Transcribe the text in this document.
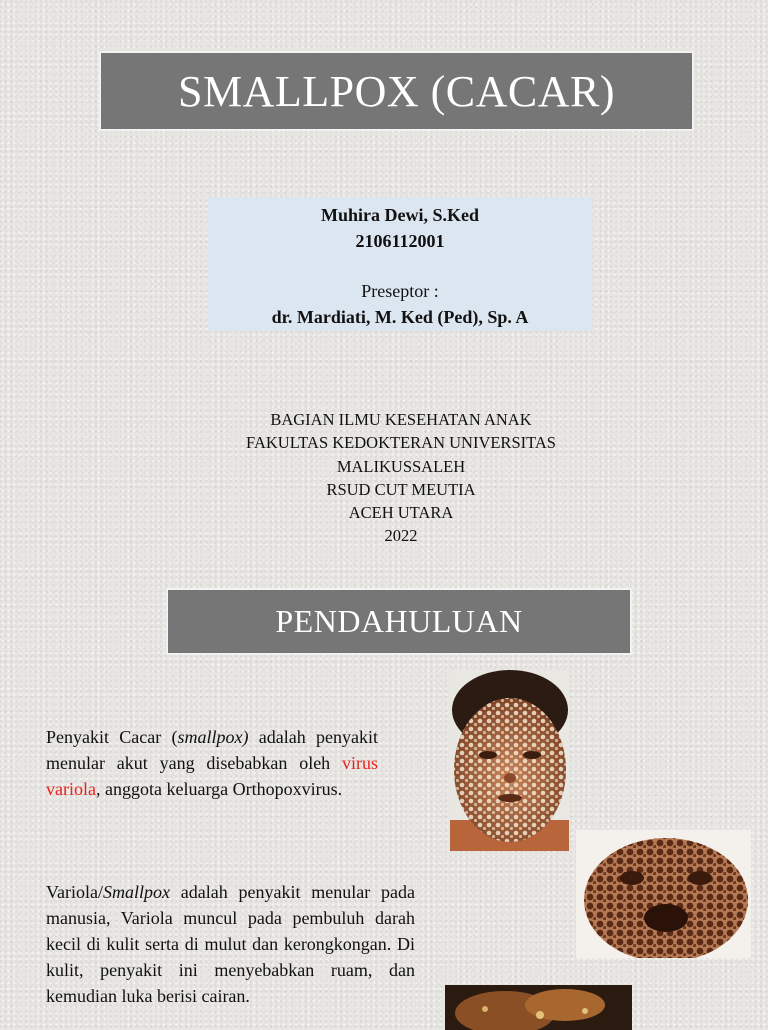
SMALLPOX (CACAR)
Muhira Dewi, S.Ked
2106112001
Preseptor :
dr. Mardiati, M. Ked (Ped), Sp. A
BAGIAN ILMU KESEHATAN ANAK
FAKULTAS KEDOKTERAN UNIVERSITAS
MALIKUSSALEH
RSUD CUT MEUTIA
ACEH UTARA
2022
PENDAHULUAN
Penyakit Cacar (smallpox) adalah penyakit menular akut yang disebabkan oleh virus variola, anggota keluarga Orthopoxvirus.
Variola/Smallpox adalah penyakit menular pada manusia, Variola muncul pada pembuluh darah kecil di kulit serta di mulut dan kerongkongan. Di kulit, penyakit ini menyebabkan ruam, dan kemudian luka berisi cairan.
